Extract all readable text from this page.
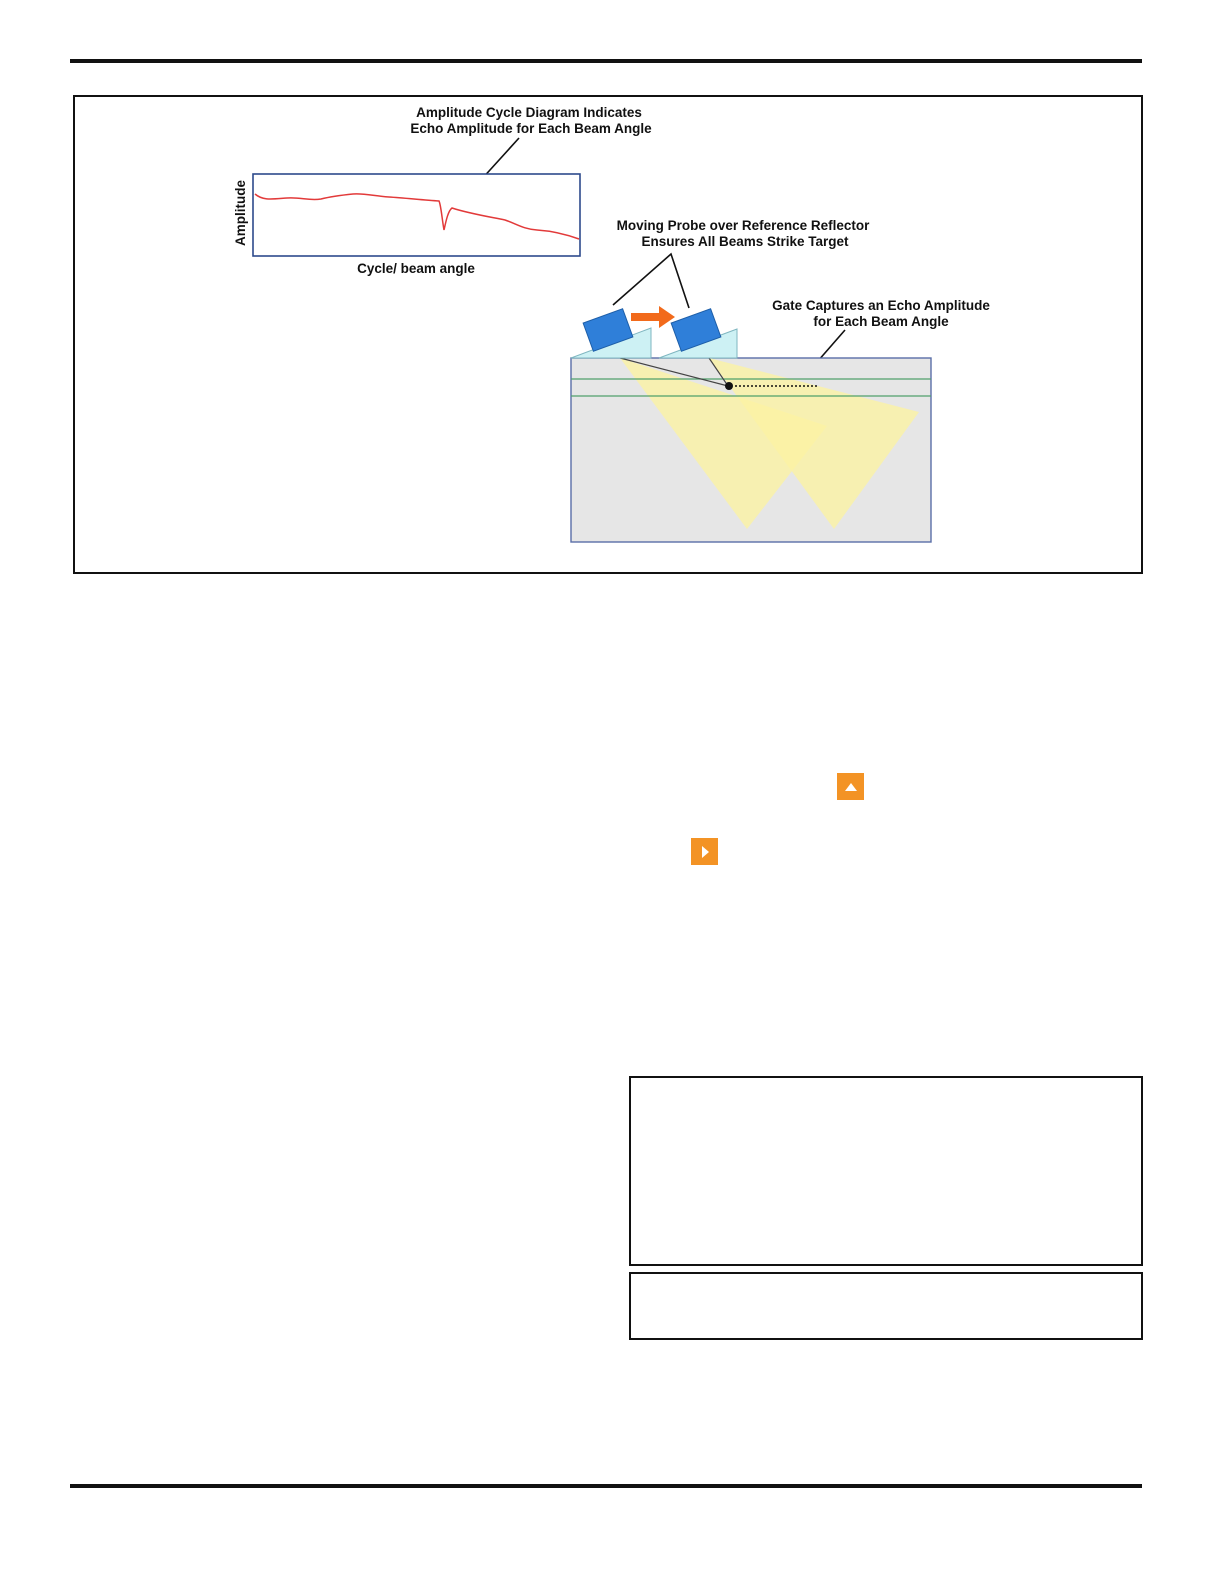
Amplitude Cycle Diagram Indicates
Echo Amplitude for Each Beam Angle
Amplitude
Cycle/ beam angle
Moving Probe over Reference Reflector
Ensures All Beams Strike Target
Gate Captures an Echo Amplitude
for Each Beam Angle
